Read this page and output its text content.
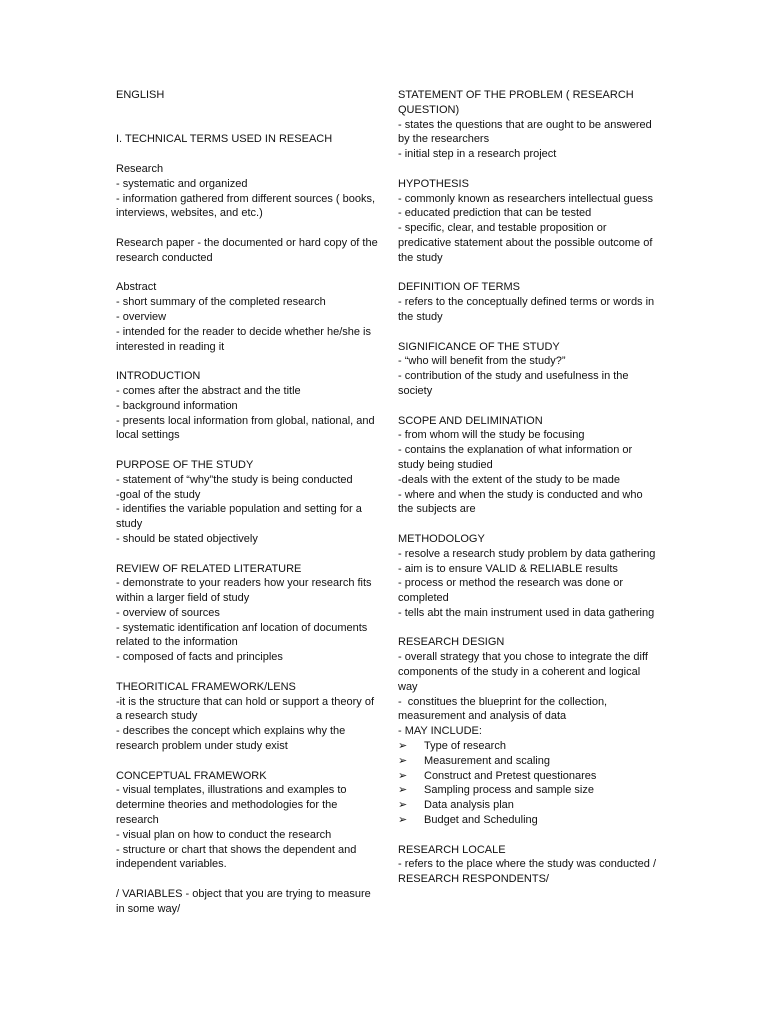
ENGLISH

I. TECHNICAL TERMS USED IN RESEACH

Research

- systematic and organized

- information gathered from different sources ( books, interviews, websites, and etc.)

Research paper - the documented or hard copy of the research conducted

Abstract

- short summary of the completed research

- overview

- intended for the reader to decide whether he/she is interested in reading it

INTRODUCTION

- comes after the abstract and the title

- background information

- presents local information from global, national, and local settings

PURPOSE OF THE STUDY

- statement of “why”the study is being conducted

-goal of the study

- identifies the variable population and setting for a study

- should be stated objectively

REVIEW OF RELATED LITERATURE

- demonstrate to your readers how your research fits within a larger field of study

- overview of sources

- systematic identification anf location of documents related to the information

- composed of facts and principles

THEORITICAL FRAMEWORK/LENS

-it is the structure that can hold or support a theory of a research study

- describes the concept which explains why the research problem under study exist

CONCEPTUAL FRAMEWORK

- visual templates, illustrations and examples to determine theories and methodologies for the research

- visual plan on how to conduct the research

- structure or chart that shows the dependent and independent variables.

/ VARIABLES - object that you are trying to measure in some way/

STATEMENT OF THE PROBLEM ( RESEARCH QUESTION)

- states the questions that are ought to be answered by the researchers

- initial step in a research project

HYPOTHESIS

- commonly known as researchers intellectual guess

- educated prediction that can be tested

- specific, clear, and testable proposition or predicative statement about the possible outcome of the study

DEFINITION OF TERMS

- refers to the conceptually defined terms or words in the study

SIGNIFICANCE OF THE STUDY

- “who will benefit from the study?”

- contribution of the study and usefulness in the society

SCOPE AND DELIMINATION

- from whom will the study be focusing

- contains the explanation of what information or study being studied

-deals with the extent of the study to be made

- where and when the study is conducted and who the subjects are

METHODOLOGY

- resolve a research study problem by data gathering

- aim is to ensure VALID & RELIABLE results

- process or method the research was done or completed

- tells abt the main instrument used in data gathering

RESEARCH DESIGN

- overall strategy that you chose to integrate the diff components of the study in a coherent and logical way

-  constitues the blueprint for the collection, measurement and analysis of data

- MAY INCLUDE:

➢	Type of research
➢	Measurement and scaling
➢	Construct and Pretest questionares
➢	Sampling process and sample size
➢	Data analysis plan
➢	Budget and Scheduling

RESEARCH LOCALE

- refers to the place where the study was conducted / RESEARCH RESPONDENTS/
